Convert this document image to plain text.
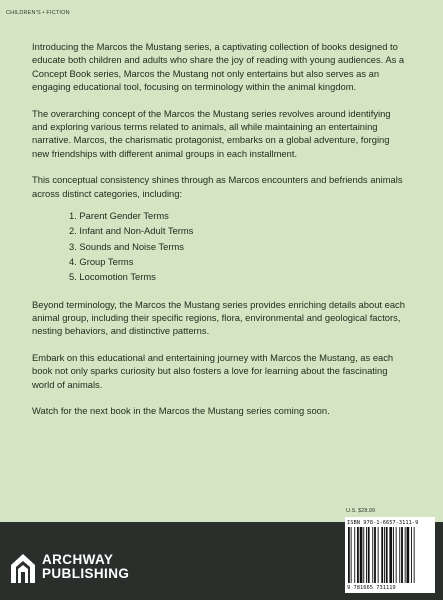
CHILDREN'S • FICTION

Introducing the Marcos the Mustang series, a captivating collection of books designed to educate both children and adults who share the joy of reading with young audiences. As a Concept Book series, Marcos the Mustang not only entertains but also serves as an engaging educational tool, focusing on terminology within the animal kingdom.

The overarching concept of the Marcos the Mustang series revolves around identifying and exploring various terms related to animals, all while maintaining an entertaining narrative. Marcos, the charismatic protagonist, embarks on a global adventure, forging new friendships with different animal groups in each installment.

This conceptual consistency shines through as Marcos encounters and befriends animals across distinct categories, including:

1. Parent Gender Terms
2. Infant and Non-Adult Terms
3. Sounds and Noise Terms
4. Group Terms
5. Locomotion Terms

Beyond terminology, the Marcos the Mustang series provides enriching details about each animal group, including their specific regions, flora, environmental and geological factors, nesting behaviors, and distinctive patterns.

Embark on this educational and entertaining journey with Marcos the Mustang, as each book not only sparks curiosity but also fosters a love for learning about the fascinating world of animals.

Watch for the next book in the Marcos the Mustang series coming soon.

ARCHWAY
PUBLISHING
U.S. $28.99
ISBN 978-1-6657-3111-9
9 781665 731119
